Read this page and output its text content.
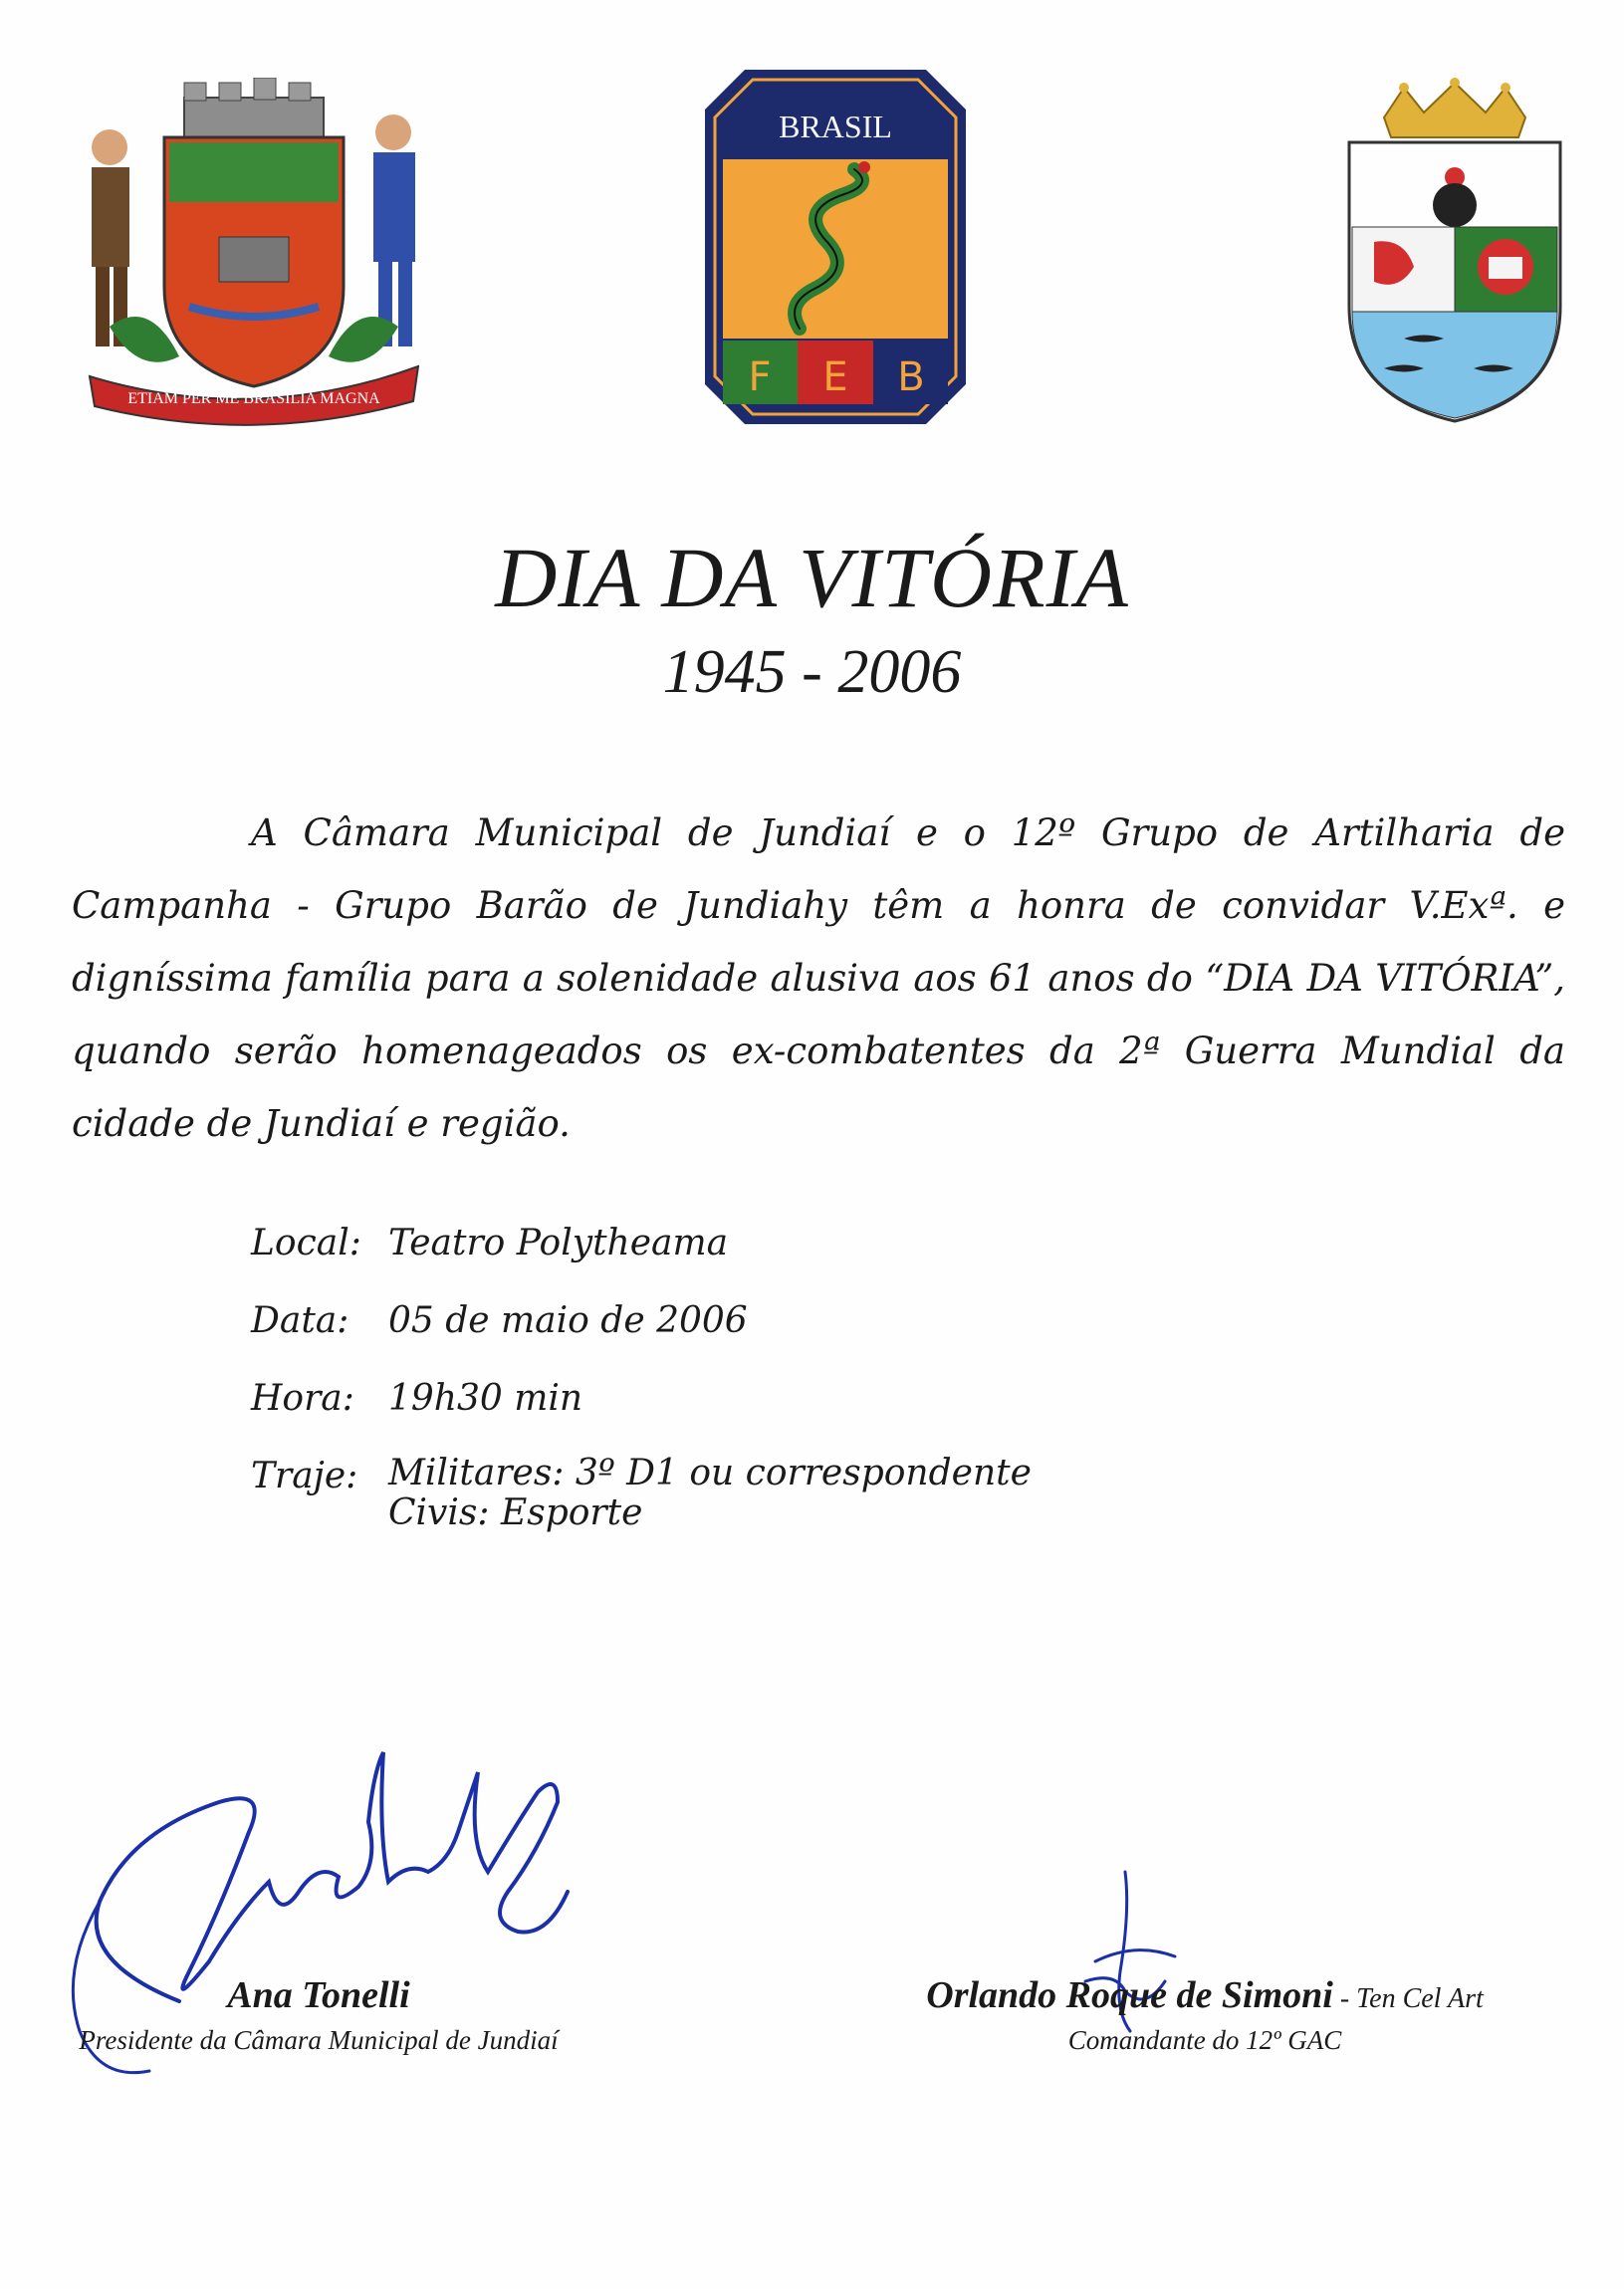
ETIAM PER ME BRASILIA MAGNA
BRASIL
F E B
DIA DA VITÓRIA
1945 - 2006
A Câmara Municipal de Jundiaí e o 12º Grupo de Artilharia de Campanha - Grupo Barão de Jundiahy têm a honra de convidar V.Exª. e digníssima família para a solenidade alusiva aos 61 anos do “DIA DA VITÓRIA”, quando serão homenageados os ex-combatentes da 2ª Guerra Mundial da cidade de Jundiaí e região.
Local: Teatro Polytheama
Data:	05 de maio de 2006
Hora: 19h30 min
Traje: Militares: 3º D1 ou correspondente
Civis: Esporte
Ana Tonelli
Presidente da Câmara Municipal de Jundiaí
Orlando Roque de Simoni - Ten Cel Art
Comandante do 12º GAC
